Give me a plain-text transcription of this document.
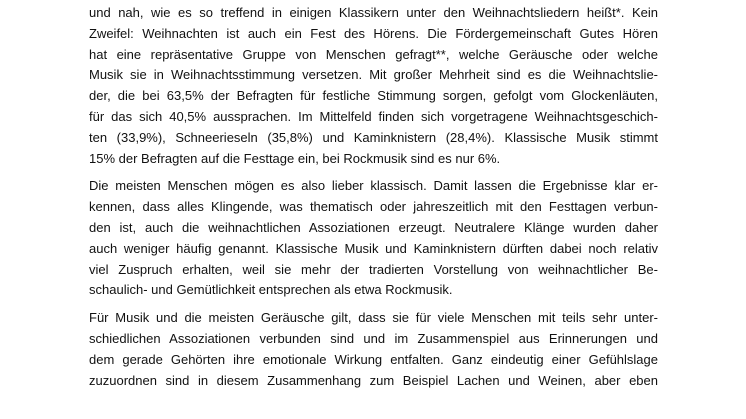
und nah, wie es so treffend in einigen Klassikern unter den Weihnachtsliedern heißt*. Kein
Zweifel: Weihnachten ist auch ein Fest des Hörens. Die Fördergemeinschaft Gutes Hören
hat eine repräsentative Gruppe von Menschen gefragt**, welche Geräusche oder welche
Musik sie in Weihnachtsstimmung versetzen. Mit großer Mehrheit sind es die Weihnachtslie-
der, die bei 63,5% der Befragten für festliche Stimmung sorgen, gefolgt vom Glockenläuten,
für das sich 40,5% aussprachen. Im Mittelfeld finden sich vorgetragene Weihnachtsgeschich-
ten (33,9%), Schneerieseln (35,8%) und Kaminknistern (28,4%). Klassische Musik stimmt
15% der Befragten auf die Festtage ein, bei Rockmusik sind es nur 6%.

Die meisten Menschen mögen es also lieber klassisch. Damit lassen die Ergebnisse klar er-
kennen, dass alles Klingende, was thematisch oder jahreszeitlich mit den Festtagen verbun-
den ist, auch die weihnachtlichen Assoziationen erzeugt. Neutralere Klänge wurden daher
auch weniger häufig genannt. Klassische Musik und Kaminknistern dürften dabei noch relativ
viel Zuspruch erhalten, weil sie mehr der tradierten Vorstellung von weihnachtlicher Be-
schaulich- und Gemütlichkeit entsprechen als etwa Rockmusik.

Für Musik und die meisten Geräusche gilt, dass sie für viele Menschen mit teils sehr unter-
schiedlichen Assoziationen verbunden sind und im Zusammenspiel aus Erinnerungen und
dem gerade Gehörten ihre emotionale Wirkung entfalten. Ganz eindeutig einer Gefühlslage
zuzuordnen sind in diesem Zusammenhang zum Beispiel Lachen und Weinen, aber eben
